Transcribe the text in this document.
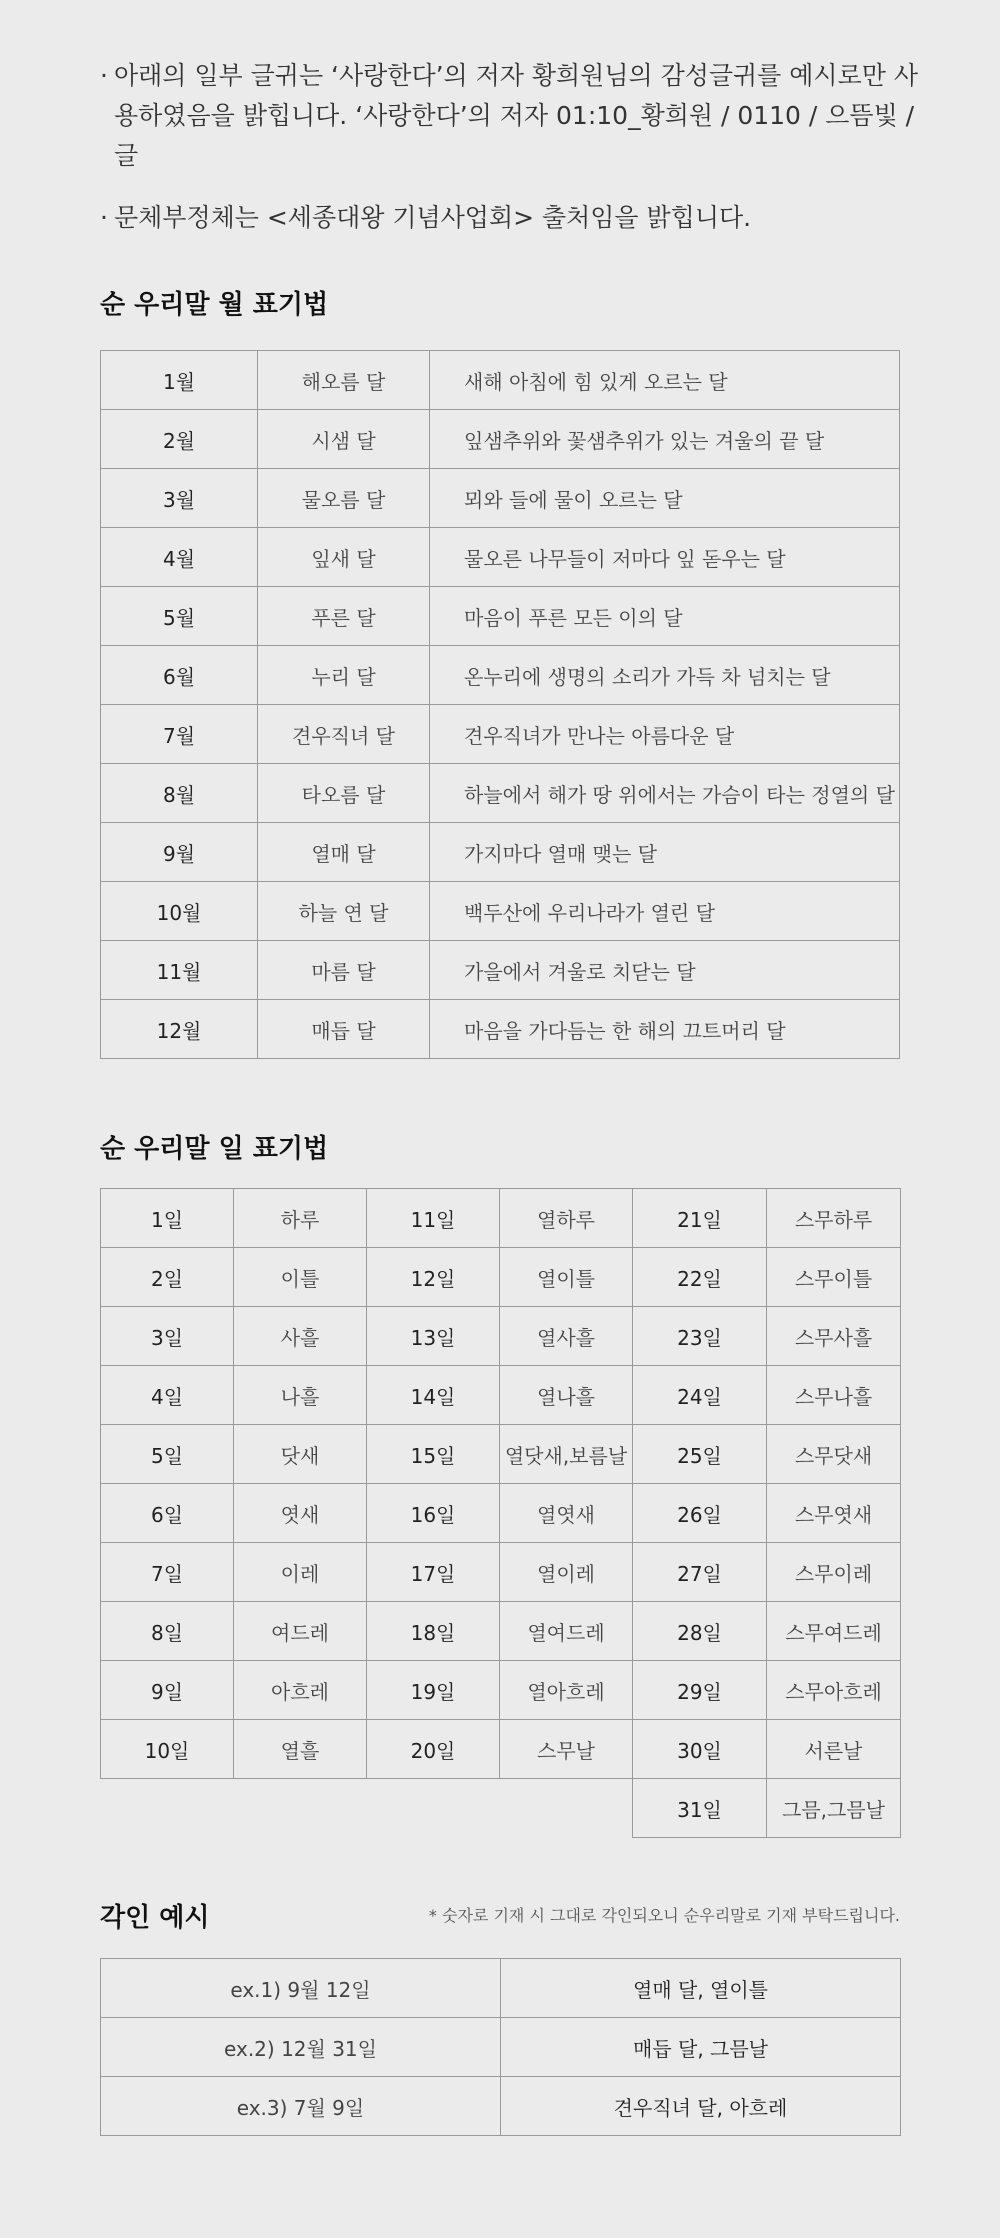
· 아래의 일부 글귀는 ‘사랑한다’의 저자 황희원님의 감성글귀를 예시로만 사용하였음을 밝힙니다. ‘사랑한다’의 저자 01:10_황희원 / 0110 / 으뜸빛 / 글
· 문체부정체는 <세종대왕 기념사업회> 출처임을 밝힙니다.
순 우리말 월 표기법
1월	해오름 달	새해 아침에 힘 있게 오르는 달
2월	시샘 달	잎샘추위와 꽃샘추위가 있는 겨울의 끝 달
3월	물오름 달	뫼와 들에 물이 오르는 달
4월	잎새 달	물오른 나무들이 저마다 잎 돋우는 달
5월	푸른 달	마음이 푸른 모든 이의 달
6월	누리 달	온누리에 생명의 소리가 가득 차 넘치는 달
7월	견우직녀 달	견우직녀가 만나는 아름다운 달
8월	타오름 달	하늘에서 해가 땅 위에서는 가슴이 타는 정열의 달
9월	열매 달	가지마다 열매 맺는 달
10월	하늘 연 달	백두산에 우리나라가 열린 달
11월	마름 달	가을에서 겨울로 치닫는 달
12월	매듭 달	마음을 가다듬는 한 해의 끄트머리 달
순 우리말 일 표기법
1일	하루	11일	열하루	21일	스무하루
2일	이틀	12일	열이틀	22일	스무이틀
3일	사흘	13일	열사흘	23일	스무사흘
4일	나흘	14일	열나흘	24일	스무나흘
5일	닷새	15일	열닷새,보름날	25일	스무닷새
6일	엿새	16일	열엿새	26일	스무엿새
7일	이레	17일	열이레	27일	스무이레
8일	여드레	18일	열여드레	28일	스무여드레
9일	아흐레	19일	열아흐레	29일	스무아흐레
10일	열흘	20일	스무날	30일	서른날
				31일	그믐,그믐날
각인 예시	* 숫자로 기재 시 그대로 각인되오니 순우리말로 기재 부탁드립니다.
ex.1) 9월 12일	열매 달, 열이틀
ex.2) 12월 31일	매듭 달, 그믐날
ex.3) 7월 9일	견우직녀 달, 아흐레
